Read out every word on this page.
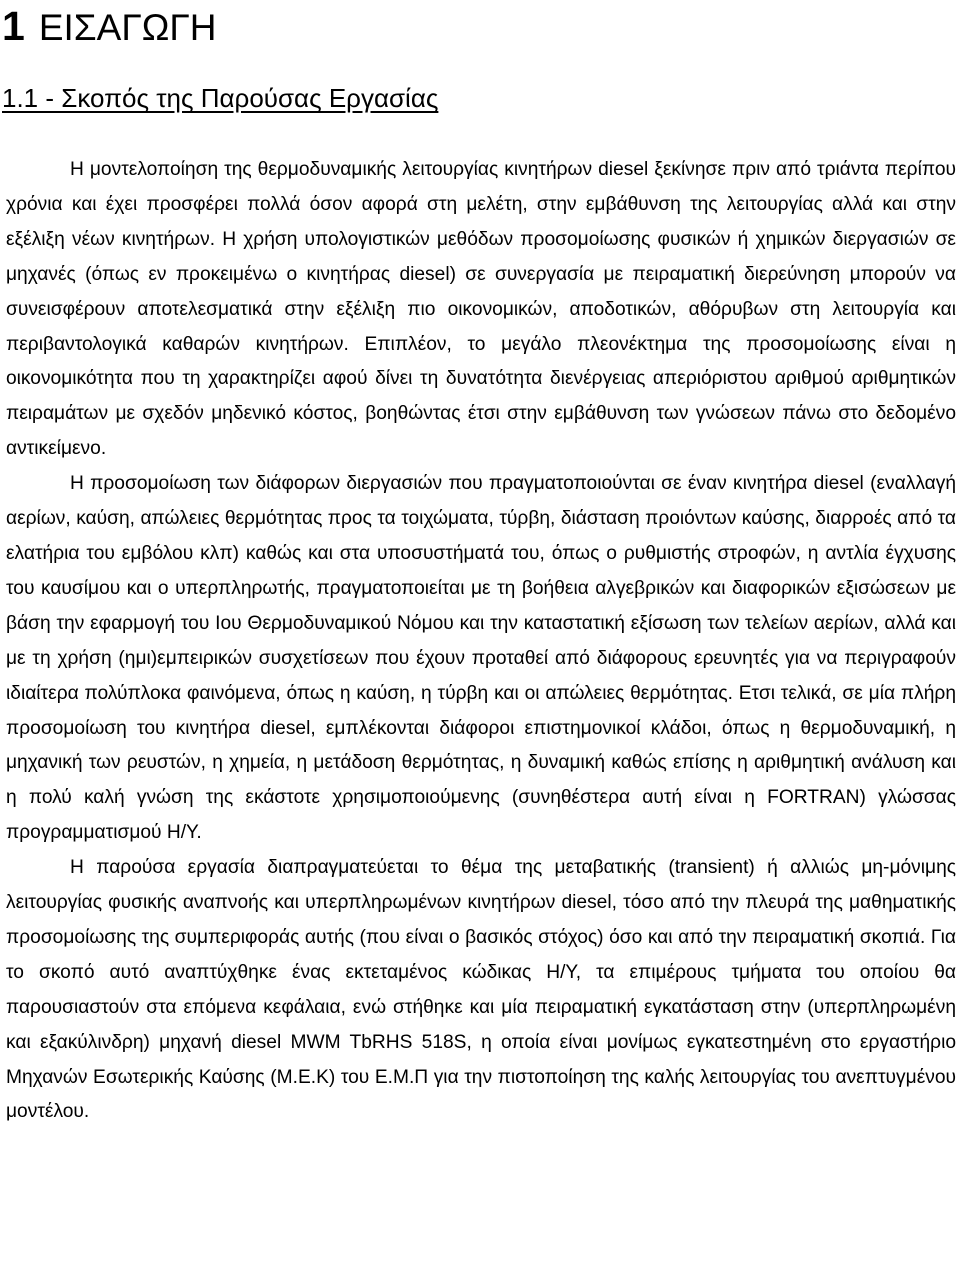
1 ΕΙΣΑΓΩΓΗ
1.1 - Σκοπός της Παρούσας Εργασίας

Η μοντελοποίηση της θερμοδυναμικής λειτουργίας κινητήρων diesel ξεκίνησε πριν από τριάντα περίπου χρόνια και έχει προσφέρει πολλά όσον αφορά στη μελέτη, στην εμβάθυνση της λειτουργίας αλλά και στην εξέλιξη νέων κινητήρων. Η χρήση υπολογιστικών μεθόδων προσομοίωσης φυσικών ή χημικών διεργασιών σε μηχανές (όπως εν προκειμένω ο κινητήρας diesel) σε συνεργασία με πειραματική διερεύνηση μπορούν να συνεισφέρουν αποτελεσματικά στην εξέλιξη πιο οικονομικών, αποδοτικών, αθόρυβων στη λειτουργία και περιβαντολογικά καθαρών κινητήρων. Επιπλέον, το μεγάλο πλεονέκτημα της προσομοίωσης είναι η οικονομικότητα που τη χαρακτηρίζει αφού δίνει τη δυνατότητα διενέργειας απεριόριστου αριθμού αριθμητικών πειραμάτων με σχεδόν μηδενικό κόστος, βοηθώντας έτσι στην εμβάθυνση των γνώσεων πάνω στο δεδομένο αντικείμενο.

Η προσομοίωση των διάφορων διεργασιών που πραγματοποιούνται σε έναν κινητήρα diesel (εναλλαγή αερίων, καύση, απώλειες θερμότητας προς τα τοιχώματα, τύρβη, διάσταση προιόντων καύσης, διαρροές από τα ελατήρια του εμβόλου κλπ) καθώς και στα υποσυστήματά του, όπως ο ρυθμιστής στροφών, η αντλία έγχυσης του καυσίμου και ο υπερπληρωτής, πραγματοποιείται με τη βοήθεια αλγεβρικών και διαφορικών εξισώσεων με βάση την εφαρμογή του Ιου Θερμοδυναμικού Νόμου και την καταστατική εξίσωση των τελείων αερίων, αλλά και με τη χρήση (ημι)εμπειρικών συσχετίσεων που έχουν προταθεί από διάφορους ερευνητές για να περιγραφούν ιδιαίτερα πολύπλοκα φαινόμενα, όπως η καύση, η τύρβη και οι απώλειες θερμότητας. Ετσι τελικά, σε μία πλήρη προσομοίωση του κινητήρα diesel, εμπλέκονται διάφοροι επιστημονικοί κλάδοι, όπως η θερμοδυναμική, η μηχανική των ρευστών, η χημεία, η μετάδοση θερμότητας, η δυναμική καθώς επίσης η αριθμητική ανάλυση και η πολύ καλή γνώση της εκάστοτε χρησιμοποιούμενης (συνηθέστερα αυτή είναι η FORTRAN) γλώσσας προγραμματισμού Η/Υ.

Η παρούσα εργασία διαπραγματεύεται το θέμα της μεταβατικής (transient) ή αλλιώς μη-μόνιμης λειτουργίας φυσικής αναπνοής και υπερπληρωμένων κινητήρων diesel, τόσο από την πλευρά της μαθηματικής προσομοίωσης της συμπεριφοράς αυτής (που είναι ο βασικός στόχος) όσο και από την πειραματική σκοπιά. Για το σκοπό αυτό αναπτύχθηκε ένας εκτεταμένος κώδικας Η/Υ, τα επιμέρους τμήματα του οποίου θα παρουσιαστούν στα επόμενα κεφάλαια, ενώ στήθηκε και μία πειραματική εγκατάσταση στην (υπερπληρωμένη και εξακύλινδρη) μηχανή diesel MWM TbRHS 518S, η οποία είναι μονίμως εγκατεστημένη στο εργαστήριο Μηχανών Εσωτερικής Καύσης (Μ.Ε.Κ) του Ε.Μ.Π για την πιστοποίηση της καλής λειτουργίας του ανεπτυγμένου μοντέλου.
